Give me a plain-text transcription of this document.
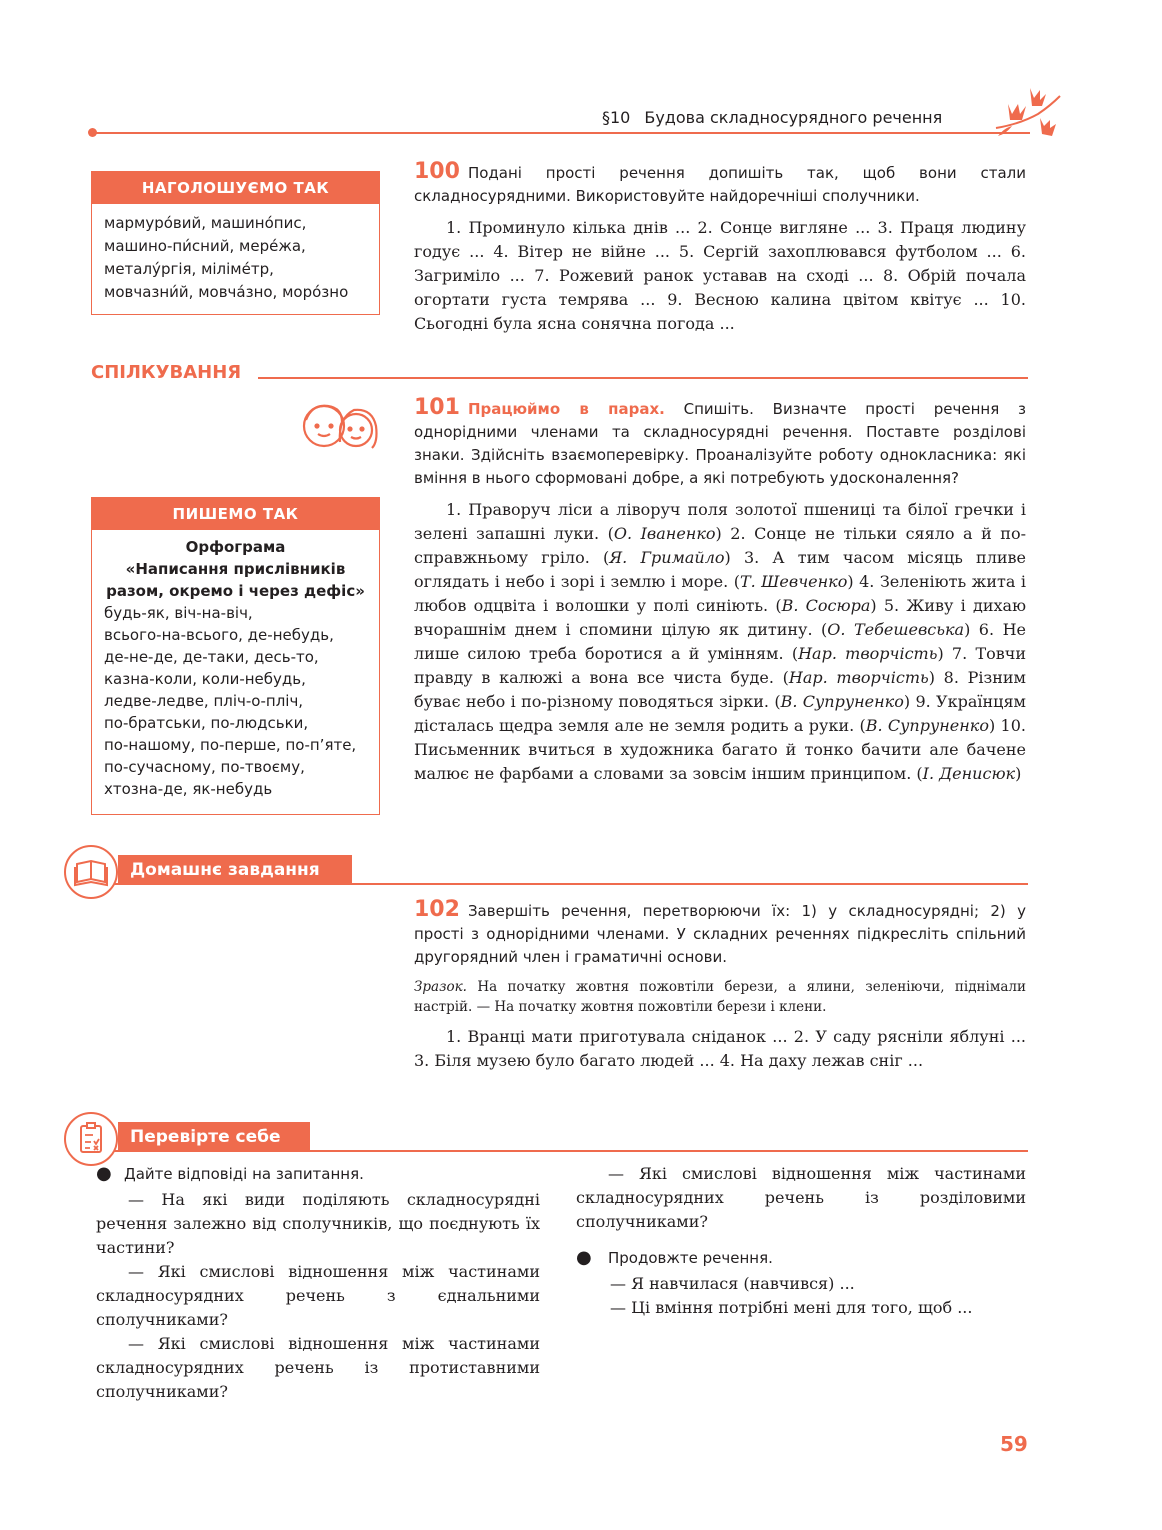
§10 Будова складносурядного речення
НАГОЛОШУЄМО ТАК
мармуро́вий, машино́пис, машино-пи́сний, мере́жа, металу́ргія, міліме́тр, мовчазни́й, мовча́зно, моро́зно
100 Подані прості речення допишіть так, щоб вони стали складносурядними. Використовуйте найдоречніші сполучники.
1. Проминуло кілька днів ... 2. Сонце вигляне ... 3. Праця людину годує ... 4. Вітер не війне ... 5. Сергій захоплювався футболом ... 6. Загриміло ... 7. Рожевий ранок уставав на сході ... 8. Обрій почала огортати густа темрява ... 9. Весною калина цвітом квітує ... 10. Сьогодні була ясна сонячна погода ...
СПІЛКУВАННЯ
101 Працюймо в парах. Спишіть. Визначте прості речення з однорідними членами та складносурядні речення. Поставте розділові знаки. Здійсніть взаємоперевірку. Проаналізуйте роботу однокласника: які вміння в нього сформовані добре, а які потребують удосконалення?
1. Праворуч ліси а ліворуч поля золотої пшениці та білої гречки і зелені запашні луки. (О. Іваненко) 2. Сонце не тільки сяяло а й по-справжньому гріло. (Я. Гримайло) 3. А тим часом місяць пливе оглядать і небо і зорі і землю і море. (Т. Шевченко) 4. Зеленіють жита і любов одцвіта і волошки у полі синіють. (В. Сосюра) 5. Живу і дихаю вчорашнім днем і спомини цілую як дитину. (О. Тебешевська) 6. Не лише силою треба боротися а й умінням. (Нар. творчість) 7. Товчи правду в калюжі а вона все чиста буде. (Нар. творчість) 8. Різним буває небо і по-різному поводяться зірки. (В. Супруненко) 9. Українцям дісталась щедра земля але не земля родить а руки. (В. Супруненко) 10. Письменник вчиться в художника багато й тонко бачити але бачене малює не фарбами а словами за зовсім іншим принципом. (І. Денисюк)
ПИШЕМО ТАК
Орфограма
«Написання прислівників разом, окремо і через дефіс»
будь-як, віч-на-віч,
всього-на-всього, де-небудь,
де-не-де, де-таки, десь-то,
казна-коли, коли-небудь,
ледве-ледве, пліч-о-пліч,
по-братськи, по-людськи,
по-нашому, по-перше, по-п’яте,
по-сучасному, по-твоєму,
хтозна-де, як-небудь
Домашнє завдання
102 Завершіть речення, перетворюючи їх: 1) у складносурядні; 2) у прості з однорідними членами. У складних реченнях підкресліть спільний другорядний член і граматичні основи.
Зразок. На початку жовтня пожовтіли берези, а ялини, зеленіючи, піднімали настрій. — На початку жовтня пожовтіли берези і клени.
1. Вранці мати приготувала сніданок ... 2. У саду рясніли яблуні ... 3. Біля музею було багато людей ... 4. На даху лежав сніг ...
Перевірте себе
● Дайте відповіді на запитання.
— На які види поділяють складносурядні речення залежно від сполучників, що поєднують їх частини?
— Які смислові відношення між частинами складносурядних речень з єднальними сполучниками?
— Які смислові відношення між частинами складносурядних речень із протиставними сполучниками?
— Які смислові відношення між частинами складносурядних речень із розділовими сполучниками?
● Продовжте речення.
— Я навчилася (навчився) ...
— Ці вміння потрібні мені для того, щоб ...
59
